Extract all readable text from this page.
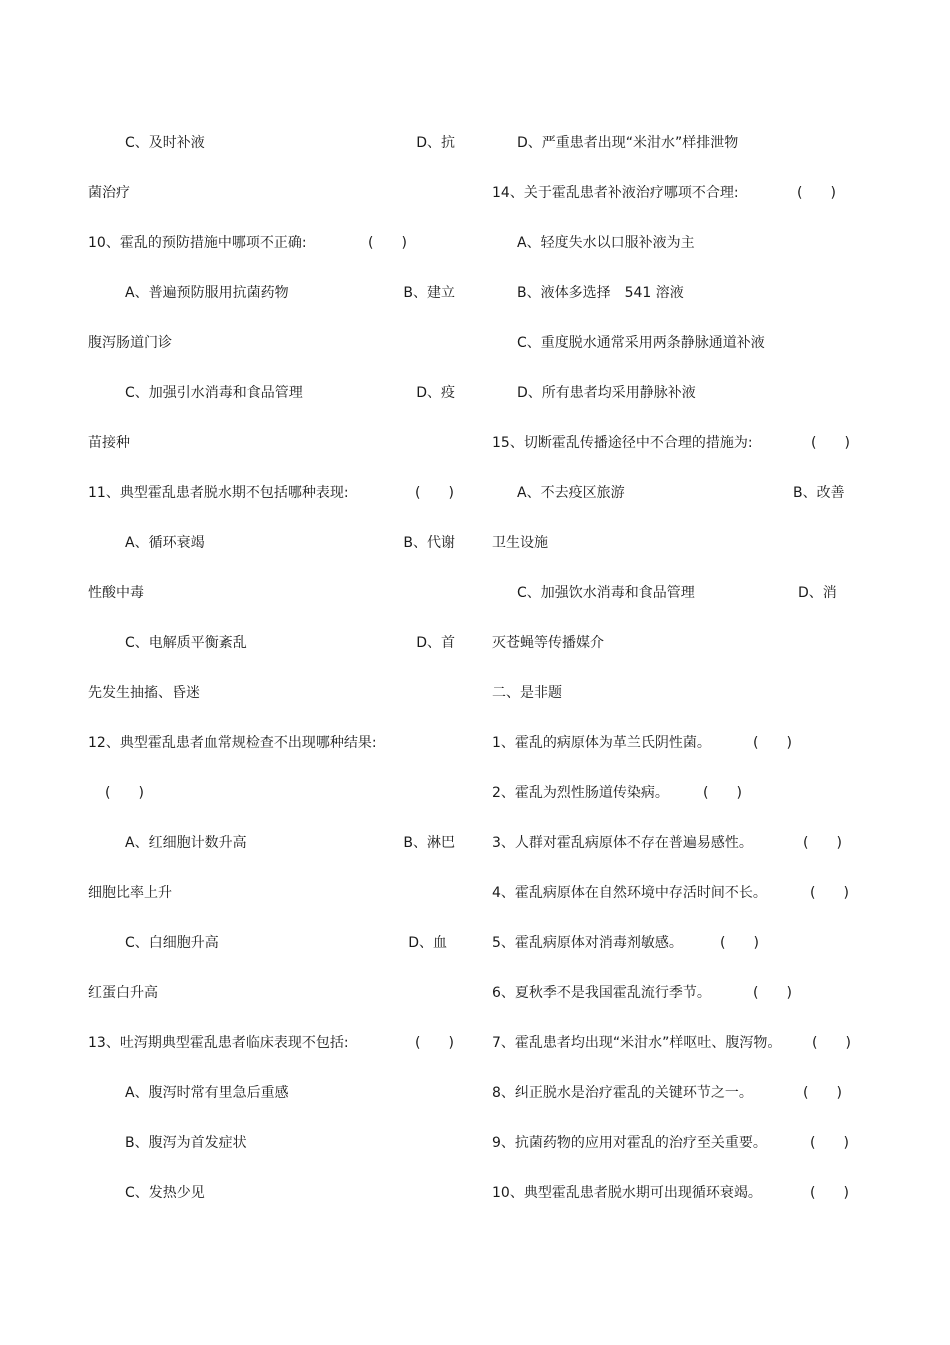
C、及时补液	D、抗
菌治疗
10、霍乱的预防措施中哪项不正确:	(　　)
A、普遍预防服用抗菌药物	B、建立
腹泻肠道门诊
C、加强引水消毒和食品管理	D、疫
苗接种
11、典型霍乱患者脱水期不包括哪种表现:	(　　)
A、循环衰竭	B、代谢
性酸中毒
C、电解质平衡紊乱	D、首
先发生抽搐、昏迷
12、典型霍乱患者血常规检查不出现哪种结果:
(　　)
A、红细胞计数升高	B、淋巴
细胞比率上升
C、白细胞升高	D、血
红蛋白升高
13、吐泻期典型霍乱患者临床表现不包括:	(　　)
A、腹泻时常有里急后重感
B、腹泻为首发症状
C、发热少见
D、严重患者出现“米泔水”样排泄物
14、关于霍乱患者补液治疗哪项不合理:	(　　)
A、轻度失水以口服补液为主
B、液体多选择　541 溶液
C、重度脱水通常采用两条静脉通道补液
D、所有患者均采用静脉补液
15、切断霍乱传播途径中不合理的措施为:	(　　)
A、不去疫区旅游	B、改善
卫生设施
C、加强饮水消毒和食品管理	D、消
灭苍蝇等传播媒介
二、是非题
1、霍乱的病原体为革兰氏阴性菌。	(　　)
2、霍乱为烈性肠道传染病。 (　　)
3、人群对霍乱病原体不存在普遍易感性。	(　　)
4、霍乱病原体在自然环境中存活时间不长。	(　　)
5、霍乱病原体对消毒剂敏感。	(　　)
6、夏秋季不是我国霍乱流行季节。	(　　)
7、霍乱患者均出现“米泔水”样呕吐、腹泻物。 (　　)
8、纠正脱水是治疗霍乱的关键环节之一。	(　　)
9、抗菌药物的应用对霍乱的治疗至关重要。	(　　)
10、典型霍乱患者脱水期可出现循环衰竭。	(　　)
